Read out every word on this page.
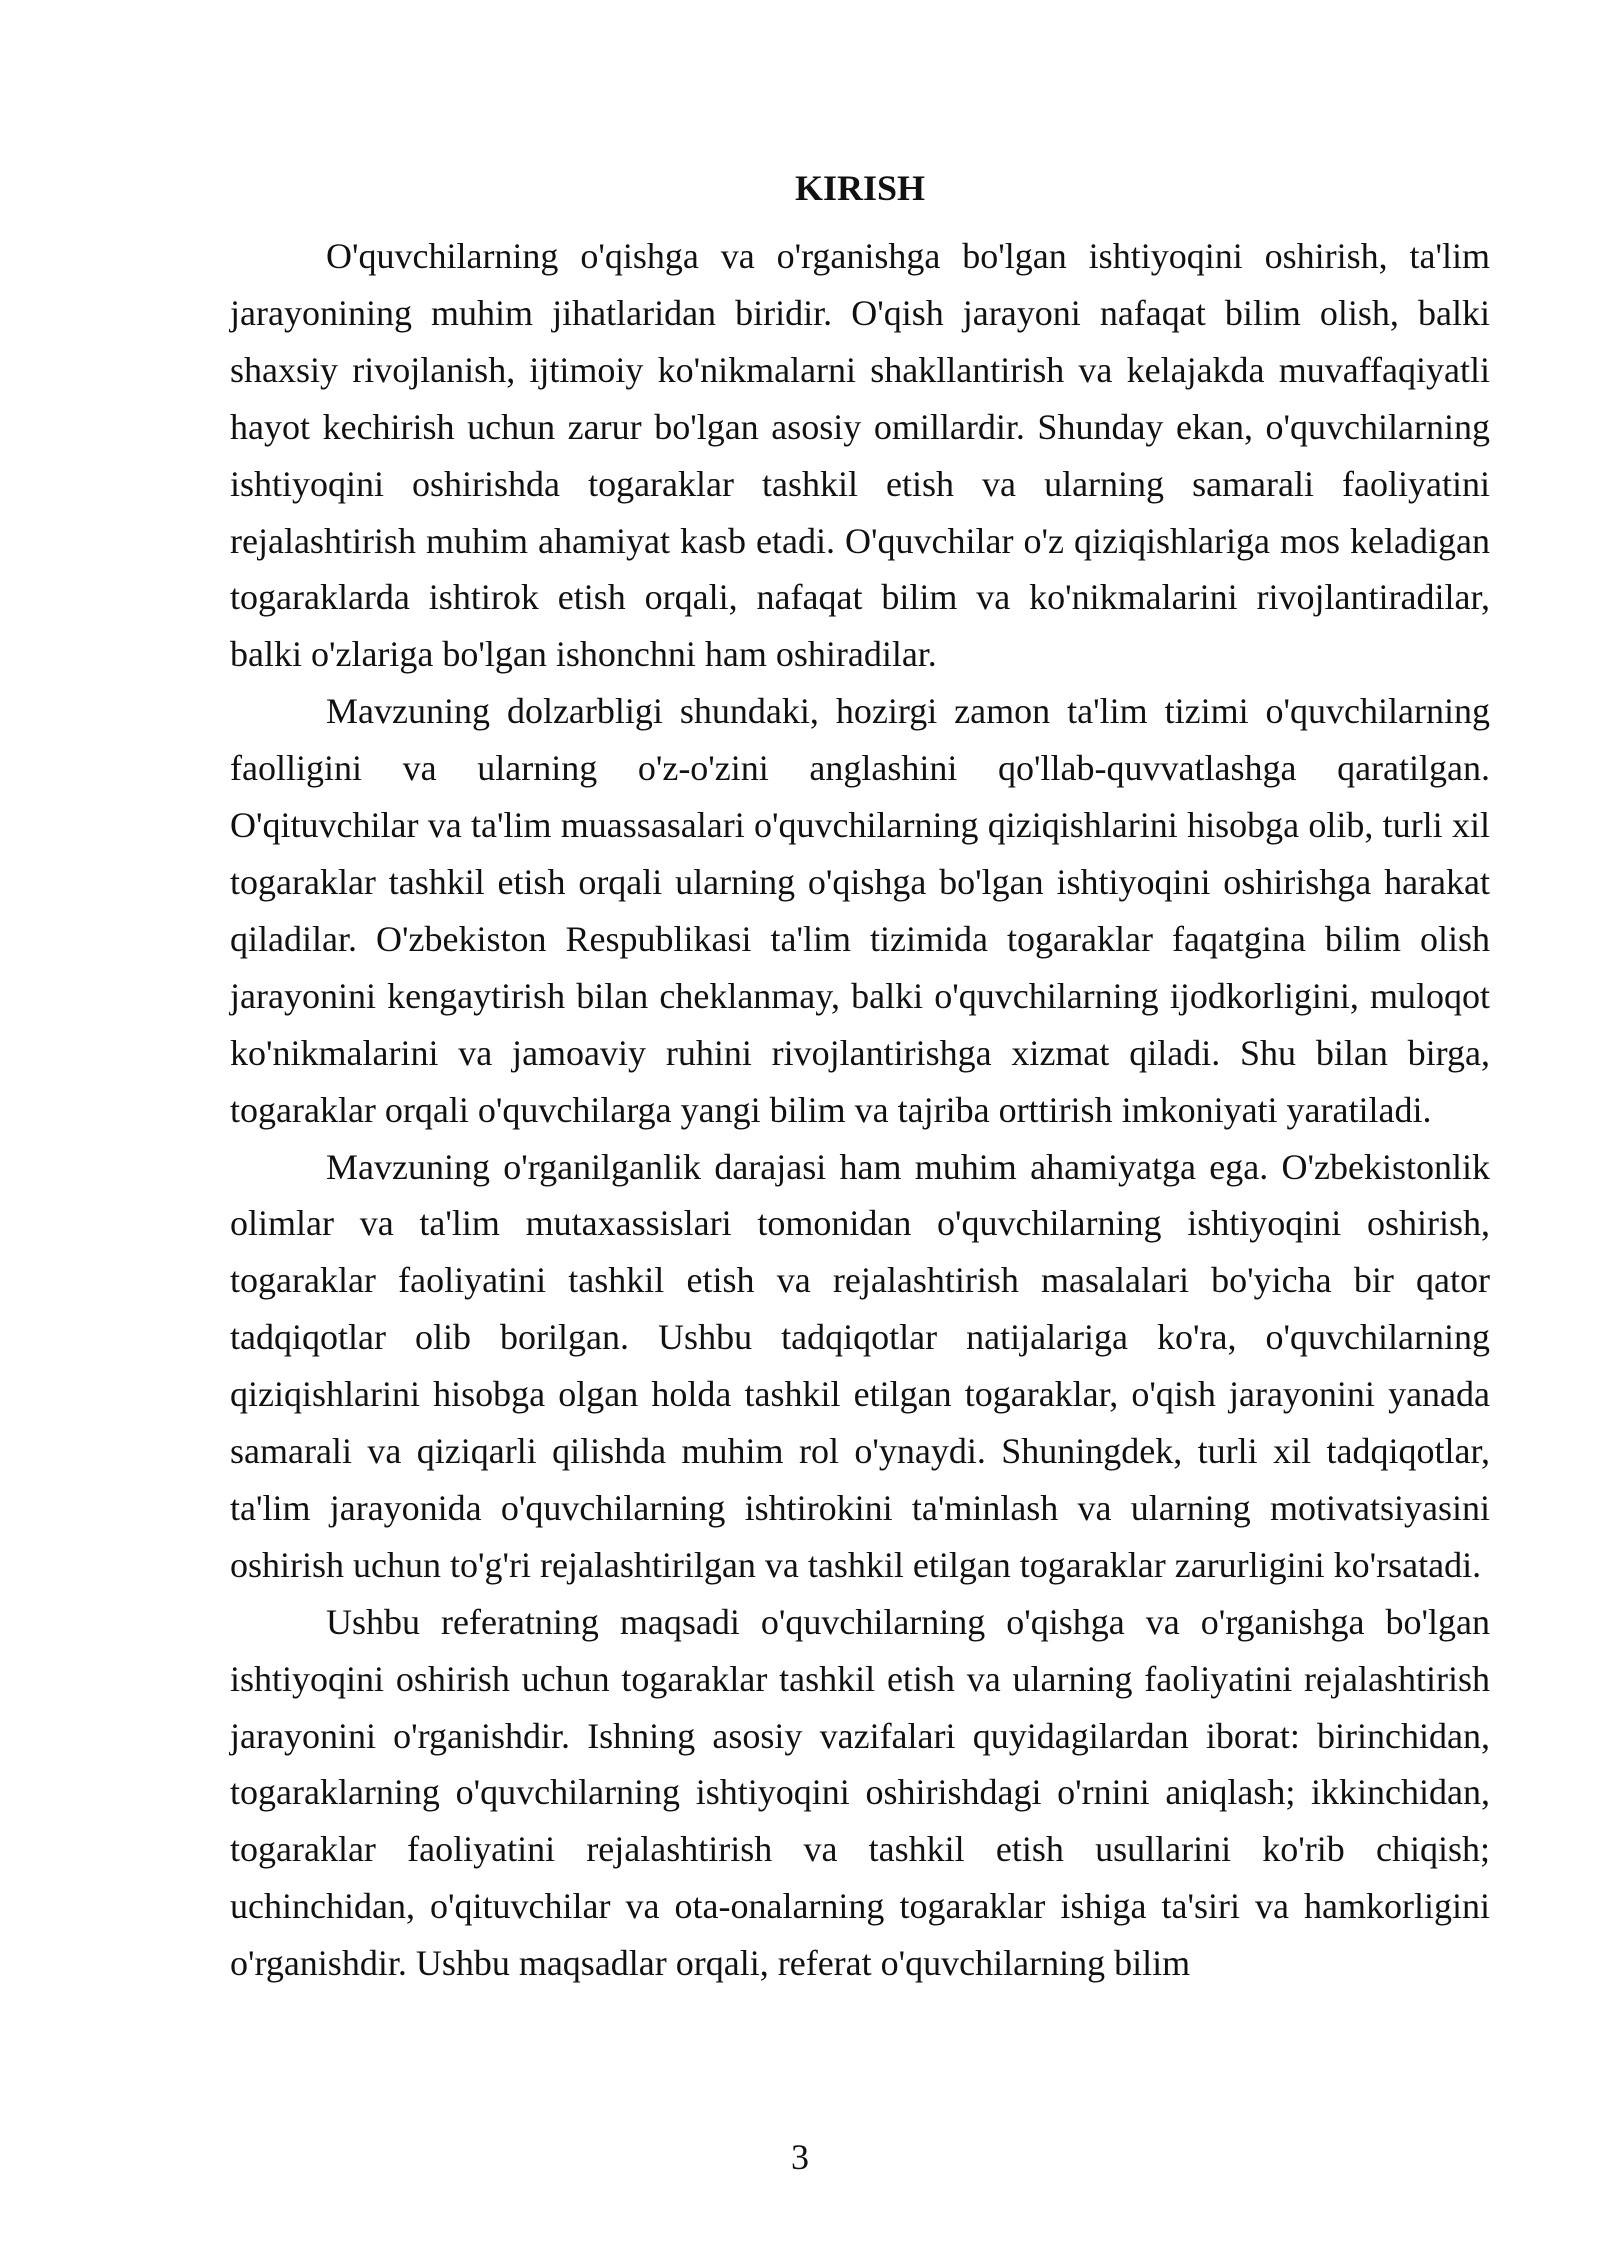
KIRISH

O'quvchilarning o'qishga va o'rganishga bo'lgan ishtiyoqini oshirish, ta'lim jarayonining muhim jihatlaridan biridir. O'qish jarayoni nafaqat bilim olish, balki shaxsiy rivojlanish, ijtimoiy ko'nikmalarni shakllantirish va kelajakda muvaffaqiyatli hayot kechirish uchun zarur bo'lgan asosiy omillardir. Shunday ekan, o'quvchilarning ishtiyoqini oshirishda togaraklar tashkil etish va ularning samarali faoliyatini rejalashtirish muhim ahamiyat kasb etadi. O'quvchilar o'z qiziqishlariga mos keladigan togaraklarda ishtirok etish orqali, nafaqat bilim va ko'nikmalarini rivojlantiradilar, balki o'zlariga bo'lgan ishonchni ham oshiradilar.

Mavzuning dolzarbligi shundaki, hozirgi zamon ta'lim tizimi o'quvchilarning faolligini va ularning o'z-o'zini anglashini qo'llab-quvvatlashga qaratilgan. O'qituvchilar va ta'lim muassasalari o'quvchilarning qiziqishlarini hisobga olib, turli xil togaraklar tashkil etish orqali ularning o'qishga bo'lgan ishtiyoqini oshirishga harakat qiladilar. O'zbekiston Respublikasi ta'lim tizimida togaraklar faqatgina bilim olish jarayonini kengaytirish bilan cheklanmay, balki o'quvchilarning ijodkorligini, muloqot ko'nikmalarini va jamoaviy ruhini rivojlantirishga xizmat qiladi. Shu bilan birga, togaraklar orqali o'quvchilarga yangi bilim va tajriba orttirish imkoniyati yaratiladi.

Mavzuning o'rganilganlik darajasi ham muhim ahamiyatga ega. O'zbekistonlik olimlar va ta'lim mutaxassislari tomonidan o'quvchilarning ishtiyoqini oshirish, togaraklar faoliyatini tashkil etish va rejalashtirish masalalari bo'yicha bir qator tadqiqotlar olib borilgan. Ushbu tadqiqotlar natijalariga ko'ra, o'quvchilarning qiziqishlarini hisobga olgan holda tashkil etilgan togaraklar, o'qish jarayonini yanada samarali va qiziqarli qilishda muhim rol o'ynaydi. Shuningdek, turli xil tadqiqotlar, ta'lim jarayonida o'quvchilarning ishtirokini ta'minlash va ularning motivatsiyasini oshirish uchun to'g'ri rejalashtirilgan va tashkil etilgan togaraklar zarurligini ko'rsatadi.

Ushbu referatning maqsadi o'quvchilarning o'qishga va o'rganishga bo'lgan ishtiyoqini oshirish uchun togaraklar tashkil etish va ularning faoliyatini rejalashtirish jarayonini o'rganishdir. Ishning asosiy vazifalari quyidagilardan iborat: birinchidan, togaraklarning o'quvchilarning ishtiyoqini oshirishdagi o'rnini aniqlash; ikkinchidan, togaraklar faoliyatini rejalashtirish va tashkil etish usullarini ko'rib chiqish; uchinchidan, o'qituvchilar va ota-onalarning togaraklar ishiga ta'siri va hamkorligini o'rganishdir. Ushbu maqsadlar orqali, referat o'quvchilarning bilim

3
